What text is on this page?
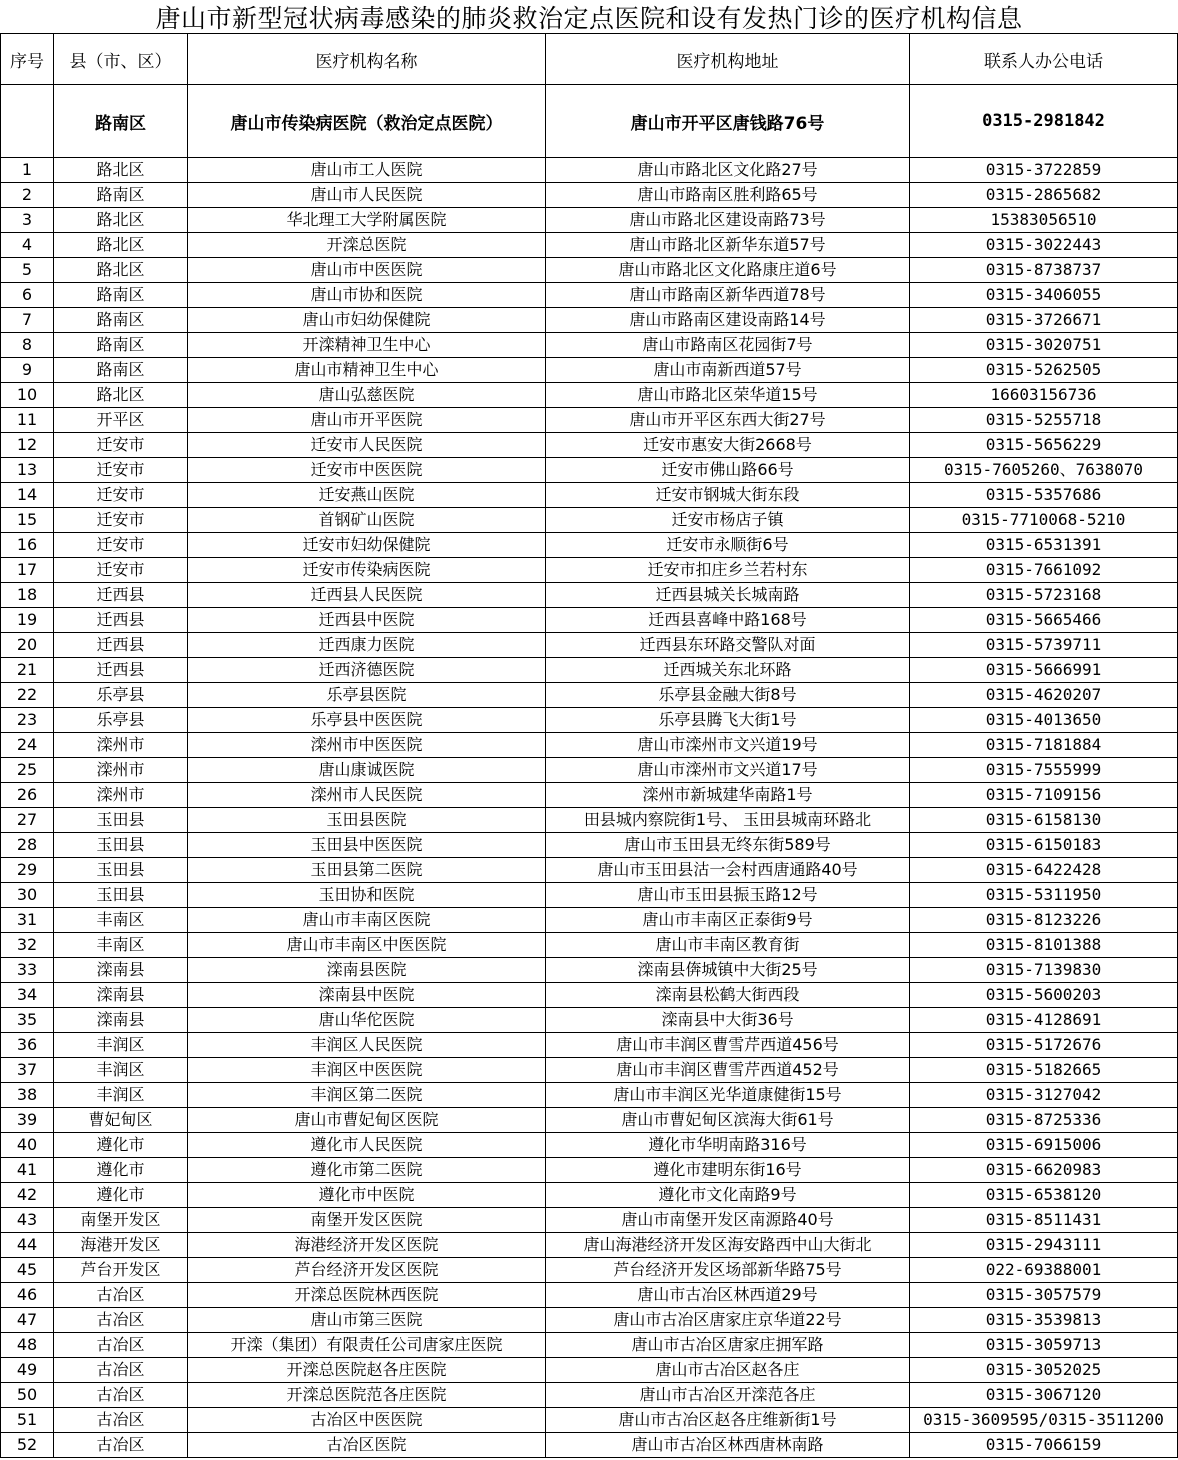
唐山市新型冠状病毒感染的肺炎救治定点医院和设有发热门诊的医疗机构信息
序号	县（市、区）	医疗机构名称	医疗机构地址	联系人办公电话
	路南区	唐山市传染病医院（救治定点医院）	唐山市开平区唐钱路76号	0315-2981842
1	路北区	唐山市工人医院	唐山市路北区文化路27号	0315-3722859
2	路南区	唐山市人民医院	唐山市路南区胜利路65号	0315-2865682
3	路北区	华北理工大学附属医院	唐山市路北区建设南路73号	15383056510
4	路北区	开滦总医院	唐山市路北区新华东道57号	0315-3022443
5	路北区	唐山市中医医院	唐山市路北区文化路康庄道6号	0315-8738737
6	路南区	唐山市协和医院	唐山市路南区新华西道78号	0315-3406055
7	路南区	唐山市妇幼保健院	唐山市路南区建设南路14号	0315-3726671
8	路南区	开滦精神卫生中心	唐山市路南区花园街7号	0315-3020751
9	路南区	唐山市精神卫生中心	唐山市南新西道57号	0315-5262505
10	路北区	唐山弘慈医院	唐山市路北区荣华道15号	16603156736
11	开平区	唐山市开平医院	唐山市开平区东西大街27号	0315-5255718
12	迁安市	迁安市人民医院	迁安市惠安大街2668号	0315-5656229
13	迁安市	迁安市中医医院	迁安市佛山路66号	0315-7605260、7638070
14	迁安市	迁安燕山医院	迁安市钢城大街东段	0315-5357686
15	迁安市	首钢矿山医院	迁安市杨店子镇	0315-7710068-5210
16	迁安市	迁安市妇幼保健院	迁安市永顺街6号	0315-6531391
17	迁安市	迁安市传染病医院	迁安市扣庄乡兰若村东	0315-7661092
18	迁西县	迁西县人民医院	迁西县城关长城南路	0315-5723168
19	迁西县	迁西县中医院	迁西县喜峰中路168号	0315-5665466
20	迁西县	迁西康力医院	迁西县东环路交警队对面	0315-5739711
21	迁西县	迁西济德医院	迁西城关东北环路	0315-5666991
22	乐亭县	乐亭县医院	乐亭县金融大街8号	0315-4620207
23	乐亭县	乐亭县中医医院	乐亭县腾飞大街1号	0315-4013650
24	滦州市	滦州市中医医院	唐山市滦州市文兴道19号	0315-7181884
25	滦州市	唐山康诚医院	唐山市滦州市文兴道17号	0315-7555999
26	滦州市	滦州市人民医院	滦州市新城建华南路1号	0315-7109156
27	玉田县	玉田县医院	田县城内察院街1号、 玉田县城南环路北	0315-6158130
28	玉田县	玉田县中医医院	唐山市玉田县无终东街589号	0315-6150183
29	玉田县	玉田县第二医院	唐山市玉田县沽一会村西唐通路40号	0315-6422428
30	玉田县	玉田协和医院	唐山市玉田县振玉路12号	0315-5311950
31	丰南区	唐山市丰南区医院	唐山市丰南区正泰街9号	0315-8123226
32	丰南区	唐山市丰南区中医医院	唐山市丰南区教育街	0315-8101388
33	滦南县	滦南县医院	滦南县倴城镇中大街25号	0315-7139830
34	滦南县	滦南县中医院	滦南县松鹤大街西段	0315-5600203
35	滦南县	唐山华佗医院	滦南县中大街36号	0315-4128691
36	丰润区	丰润区人民医院	唐山市丰润区曹雪芹西道456号	0315-5172676
37	丰润区	丰润区中医医院	唐山市丰润区曹雪芹西道452号	0315-5182665
38	丰润区	丰润区第二医院	唐山市丰润区光华道康健街15号	0315-3127042
39	曹妃甸区	唐山市曹妃甸区医院	唐山市曹妃甸区滨海大街61号	0315-8725336
40	遵化市	遵化市人民医院	遵化市华明南路316号	0315-6915006
41	遵化市	遵化市第二医院	遵化市建明东街16号	0315-6620983
42	遵化市	遵化市中医院	遵化市文化南路9号	0315-6538120
43	南堡开发区	南堡开发区医院	唐山市南堡开发区南源路40号	0315-8511431
44	海港开发区	海港经济开发区医院	唐山海港经济开发区海安路西中山大街北	0315-2943111
45	芦台开发区	芦台经济开发区医院	芦台经济开发区场部新华路75号	022-69388001
46	古冶区	开滦总医院林西医院	唐山市古冶区林西道29号	0315-3057579
47	古冶区	唐山市第三医院	唐山市古冶区唐家庄京华道22号	0315-3539813
48	古冶区	开滦（集团）有限责任公司唐家庄医院	唐山市古冶区唐家庄拥军路	0315-3059713
49	古冶区	开滦总医院赵各庄医院	唐山市古冶区赵各庄	0315-3052025
50	古冶区	开滦总医院范各庄医院	唐山市古冶区开滦范各庄	0315-3067120
51	古冶区	古冶区中医医院	唐山市古冶区赵各庄维新街1号	0315-3609595/0315-3511200
52	古冶区	古冶区医院	唐山市古冶区林西唐林南路	0315-7066159
